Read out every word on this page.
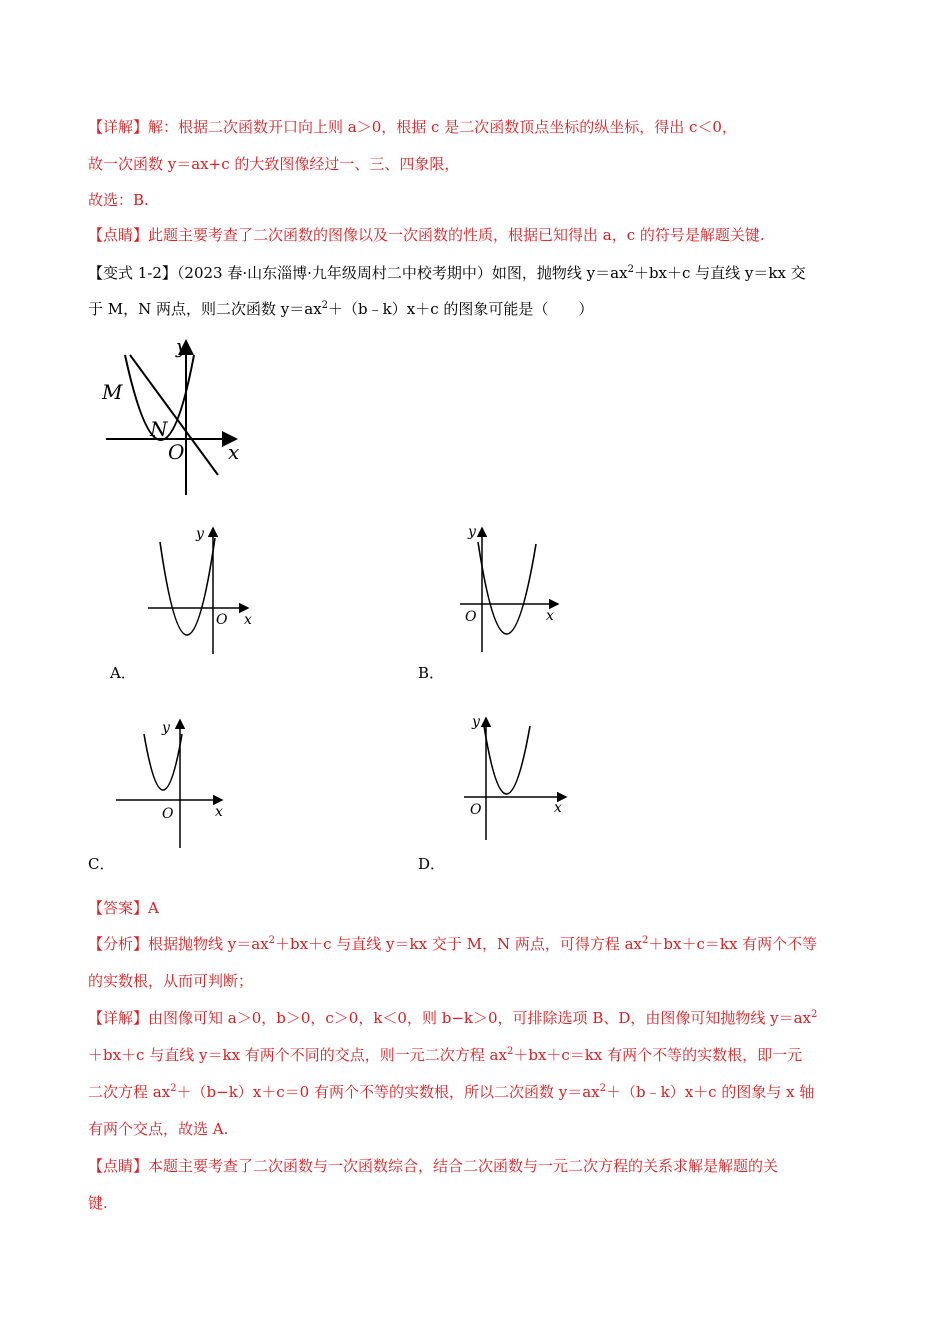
【详解】解：根据二次函数开口向上则 a＞0，根据 c 是二次函数顶点坐标的纵坐标，得出 c＜0，
故一次函数 y＝ax+c 的大致图像经过一、三、四象限，
故选：B.
【点睛】此题主要考查了二次函数的图像以及一次函数的性质，根据已知得出 a，c 的符号是解题关键.
【变式 1-2】（2023 春·山东淄博·九年级周村二中校考期中）如图，抛物线 $y=ax^2+bx+c$ 与直线 y＝kx 交
于 M，N 两点，则二次函数 $y=ax^2+(b﹣k)x+c$ 的图象可能是（　　）
y
x
O
M
N
y
x
O
A．
y
x
O
B．
y
x
O
C．
y
x
O
D．
【答案】A
【分析】根据抛物线 $y=ax^2+bx+c$ 与直线 y＝kx 交于 M，N 两点，可得方程 $ax^2+bx+c=kx$ 有两个不等
的实数根，从而可判断；
【详解】由图像可知 a＞0，b＞0，c＞0，k＜0，则 b−k＞0，可排除选项 B、D，由图像可知抛物线 $y=ax^2$
＋bx＋c 与直线 y＝kx 有两个不同的交点，则一元二次方程 $ax^2+bx+c=kx$ 有两个不等的实数根，即一元
二次方程 $ax^2+(b-k)x+c=0$ 有两个不等的实数根，所以二次函数 $y=ax^2+(b﹣k)x+c$ 的图象与 x 轴
有两个交点，故选 A.
【点睛】本题主要考查了二次函数与一次函数综合，结合二次函数与一元二次方程的关系求解是解题的关
键.
